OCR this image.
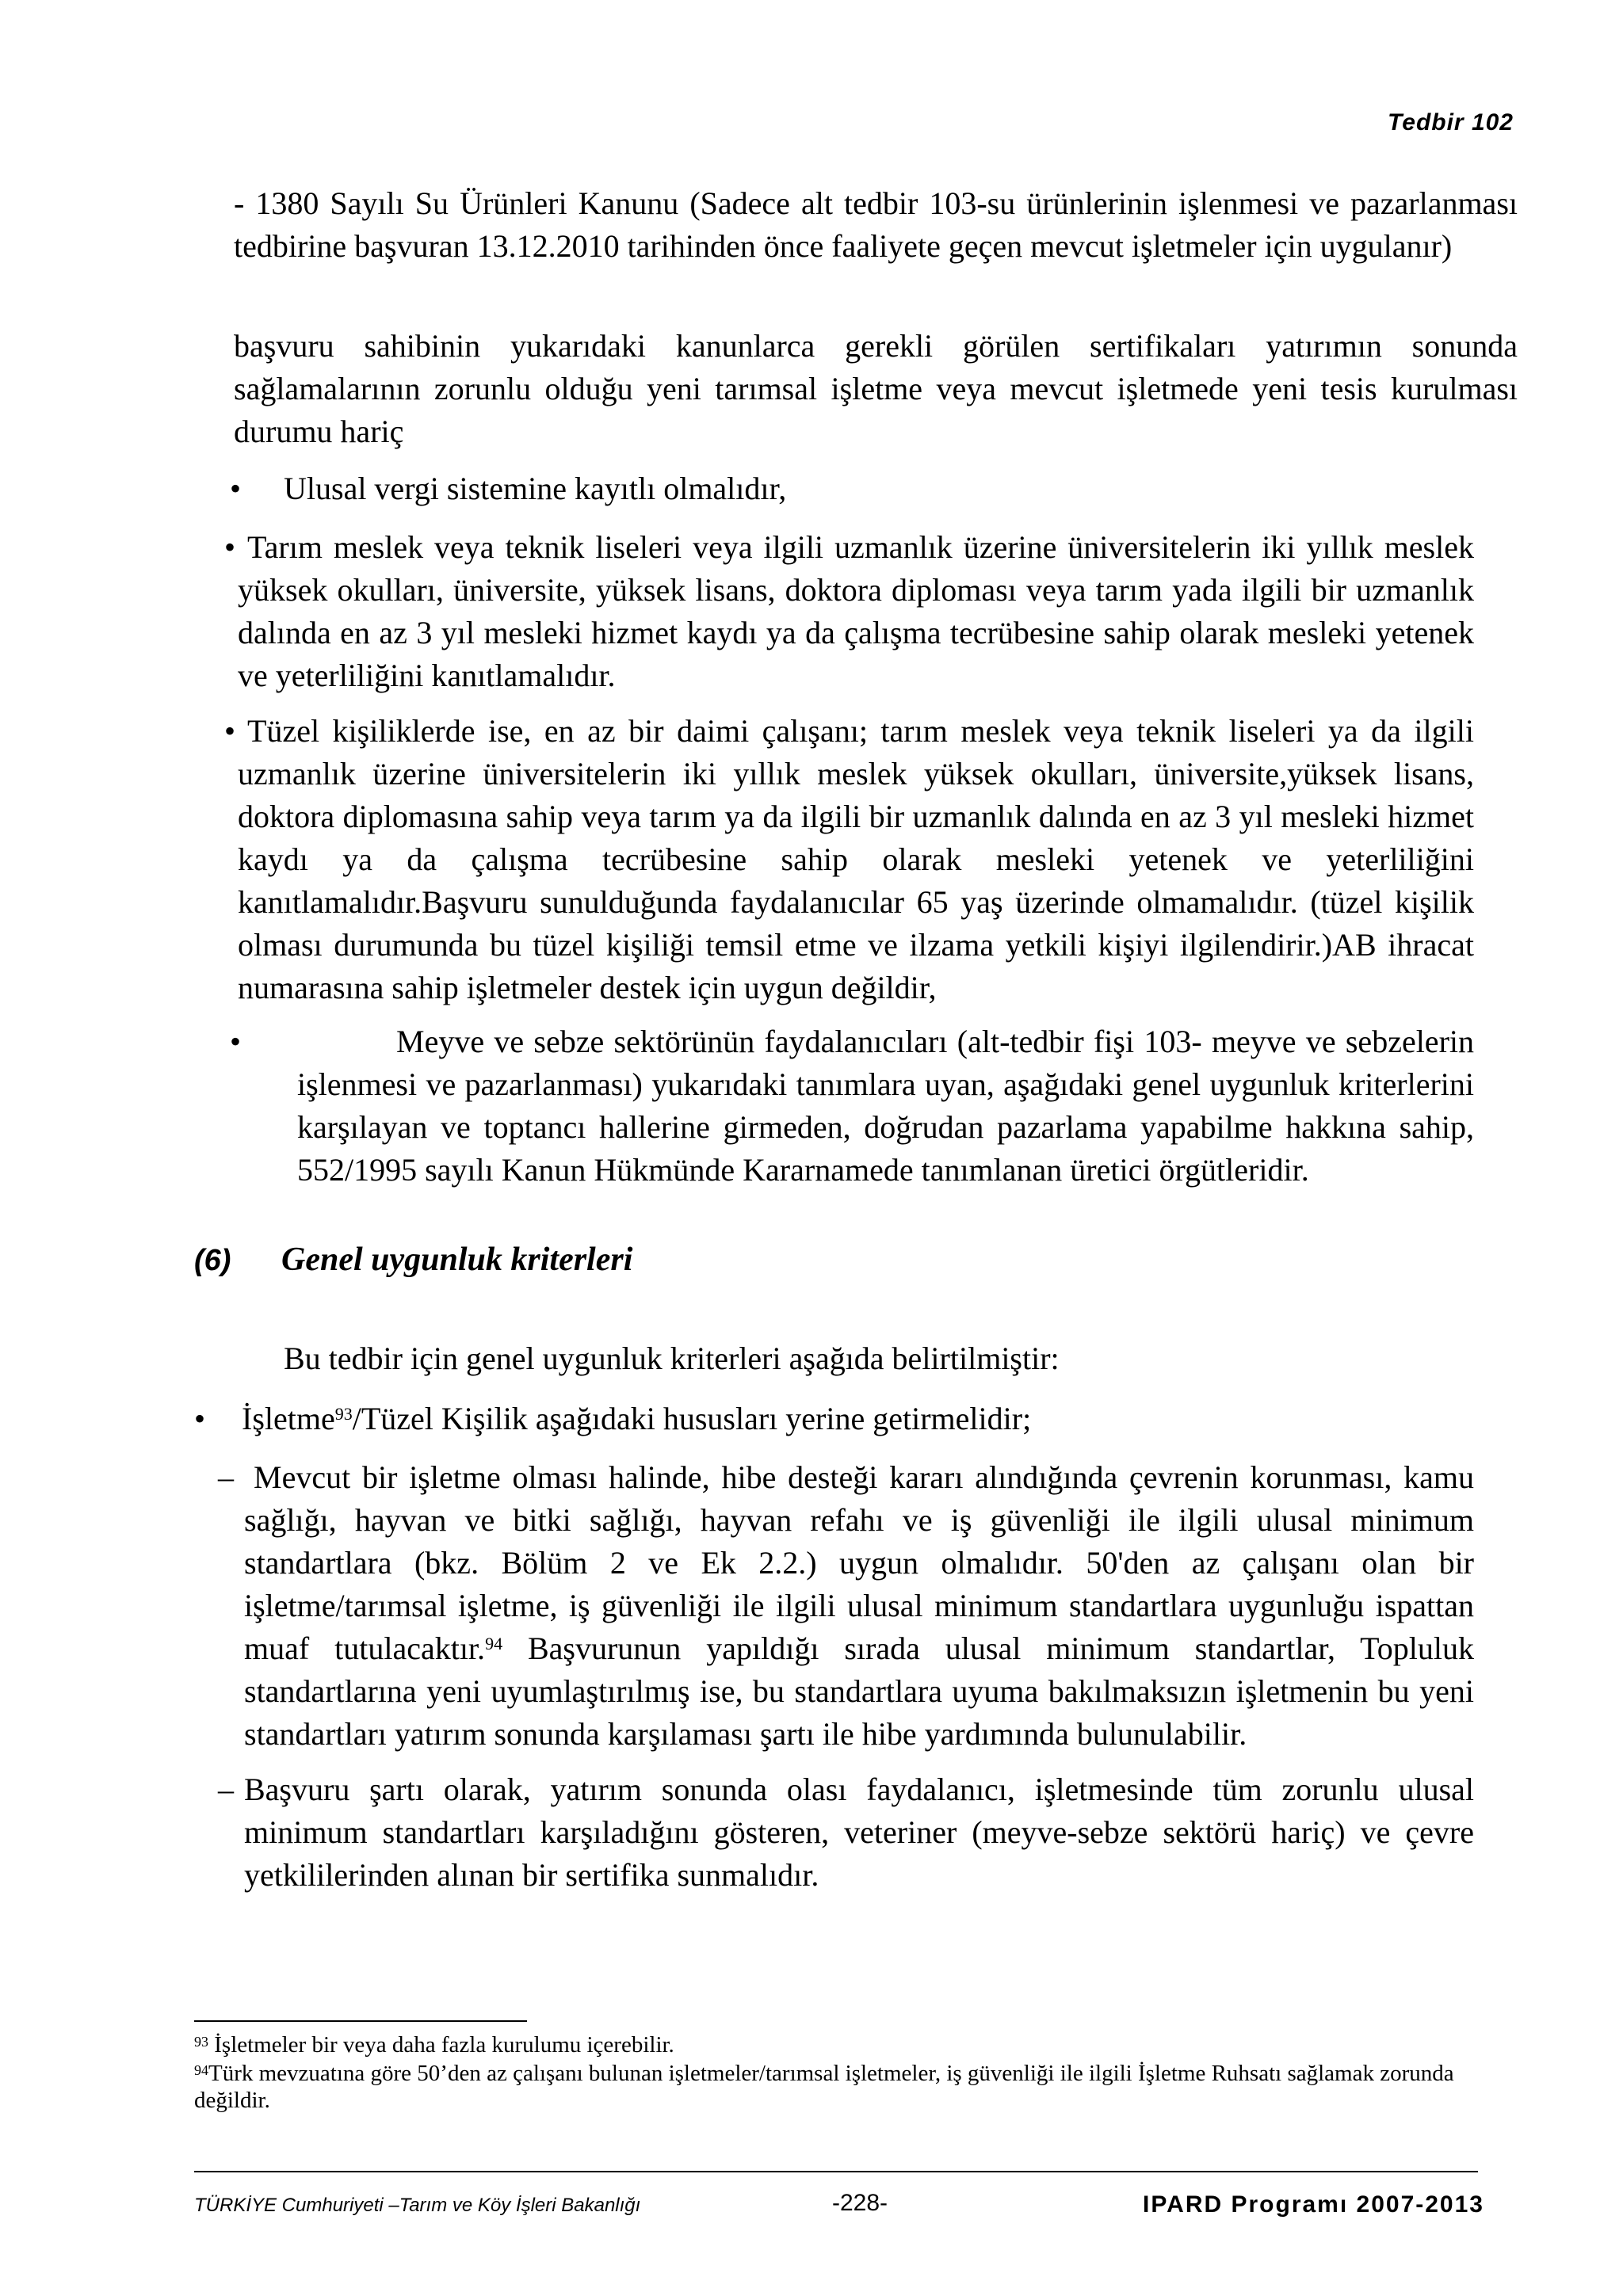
Tedbir 102
- 1380 Sayılı Su Ürünleri Kanunu (Sadece alt tedbir 103-su ürünlerinin işlenmesi ve pazarlanması tedbirine başvuran 13.12.2010 tarihinden önce faaliyete geçen mevcut işletmeler için uygulanır)
başvuru sahibinin yukarıdaki kanunlarca gerekli görülen sertifikaları yatırımın sonunda sağlamalarının zorunlu olduğu yeni tarımsal işletme veya mevcut işletmede yeni tesis kurulması durumu hariç
• Ulusal vergi sistemine kayıtlı olmalıdır,
• Tarım meslek veya teknik liseleri veya ilgili uzmanlık üzerine üniversitelerin iki yıllık meslek yüksek okulları, üniversite, yüksek lisans, doktora diploması veya tarım yada ilgili bir uzmanlık dalında en az 3 yıl mesleki hizmet kaydı ya da çalışma tecrübesine sahip olarak mesleki yetenek ve yeterliliğini kanıtlamalıdır.
• Tüzel kişiliklerde ise, en az bir daimi çalışanı; tarım meslek veya teknik liseleri ya da ilgili uzmanlık üzerine üniversitelerin iki yıllık meslek yüksek okulları, üniversite,yüksek lisans, doktora diplomasına sahip veya tarım ya da ilgili bir uzmanlık dalında en az 3 yıl mesleki hizmet kaydı ya da çalışma tecrübesine sahip olarak mesleki yetenek ve yeterliliğini kanıtlamalıdır.Başvuru sunulduğunda faydalanıcılar 65 yaş üzerinde olmamalıdır. (tüzel kişilik olması durumunda bu tüzel kişiliği temsil etme ve ilzama yetkili kişiyi ilgilendirir.)AB ihracat numarasına sahip işletmeler destek için uygun değildir,
•	Meyve ve sebze sektörünün faydalanıcıları (alt-tedbir fişi 103- meyve ve sebzelerin işlenmesi ve pazarlanması) yukarıdaki tanımlara uyan, aşağıdaki genel uygunluk kriterlerini karşılayan ve toptancı hallerine girmeden, doğrudan pazarlama yapabilme hakkına sahip, 552/1995 sayılı Kanun Hükmünde Kararnamede tanımlanan üretici örgütleridir.
(6) Genel uygunluk kriterleri
Bu tedbir için genel uygunluk kriterleri aşağıda belirtilmiştir:
• İşletme$^{93}$/Tüzel Kişilik aşağıdaki hususları yerine getirmelidir;
– Mevcut bir işletme olması halinde, hibe desteği kararı alındığında çevrenin korunması, kamu sağlığı, hayvan ve bitki sağlığı, hayvan refahı ve iş güvenliği ile ilgili ulusal minimum standartlara (bkz. Bölüm 2 ve Ek 2.2.) uygun olmalıdır. 50'den az çalışanı olan bir işletme/tarımsal işletme, iş güvenliği ile ilgili ulusal minimum standartlara uygunluğu ispattan muaf tutulacaktır.$^{94}$ Başvurunun yapıldığı sırada ulusal minimum standartlar, Topluluk standartlarına yeni uyumlaştırılmış ise, bu standartlara uyuma bakılmaksızın işletmenin bu yeni standartları yatırım sonunda karşılaması şartı ile hibe yardımında bulunulabilir.
– Başvuru şartı olarak, yatırım sonunda olası faydalanıcı, işletmesinde tüm zorunlu ulusal minimum standartları karşıladığını gösteren, veteriner (meyve-sebze sektörü hariç) ve çevre yetkililerinden alınan bir sertifika sunmalıdır.
$^{93}$ İşletmeler bir veya daha fazla kurulumu içerebilir.
$^{94}$Türk mevzuatına göre 50’den az çalışanı bulunan işletmeler/tarımsal işletmeler, iş güvenliği ile ilgili İşletme Ruhsatı sağlamak zorunda değildir.
TÜRKİYE Cumhuriyeti –Tarım ve Köy İşleri Bakanlığı	-228-	IPARD Programı 2007-2013
